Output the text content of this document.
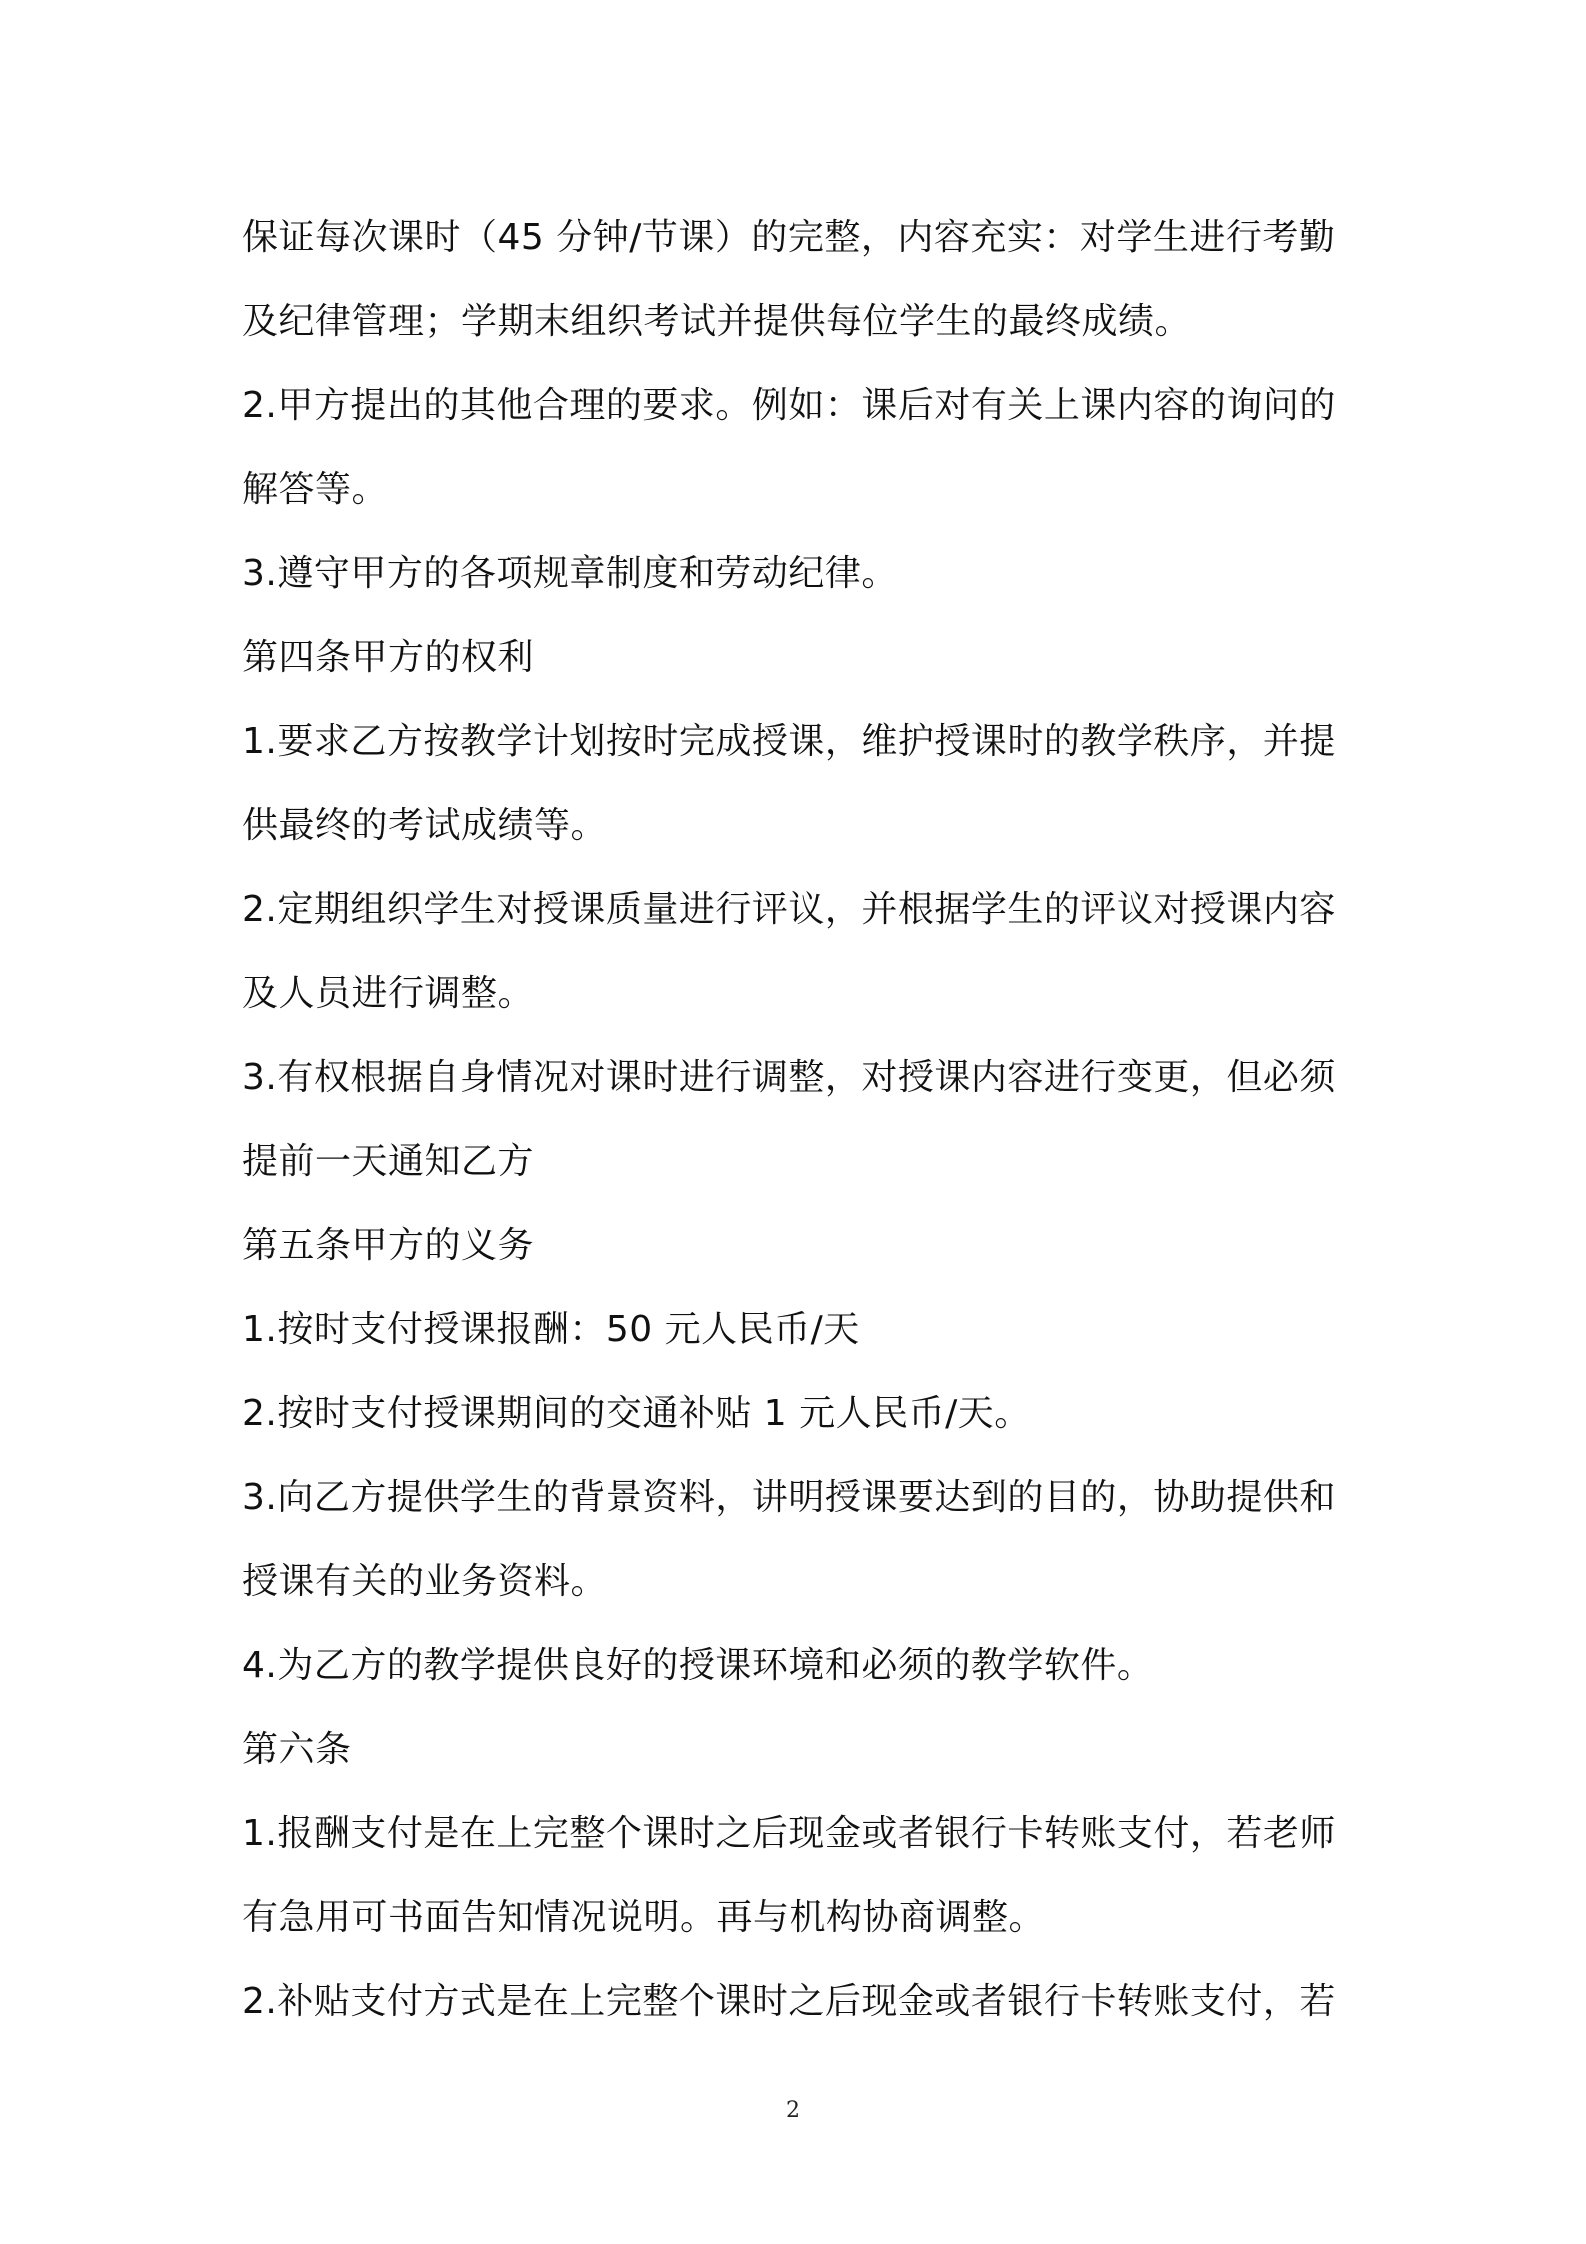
保证每次课时（45 分钟/节课）的完整，内容充实：对学生进行考勤
及纪律管理；学期末组织考试并提供每位学生的最终成绩。
2.甲方提出的其他合理的要求。例如：课后对有关上课内容的询问的
解答等。
3.遵守甲方的各项规章制度和劳动纪律。
第四条甲方的权利
1.要求乙方按教学计划按时完成授课，维护授课时的教学秩序，并提
供最终的考试成绩等。
2.定期组织学生对授课质量进行评议，并根据学生的评议对授课内容
及人员进行调整。
3.有权根据自身情况对课时进行调整，对授课内容进行变更，但必须
提前一天通知乙方
第五条甲方的义务
1.按时支付授课报酬：50 元人民币/天
2.按时支付授课期间的交通补贴 1 元人民币/天。
3.向乙方提供学生的背景资料，讲明授课要达到的目的，协助提供和
授课有关的业务资料。
4.为乙方的教学提供良好的授课环境和必须的教学软件。
第六条
1.报酬支付是在上完整个课时之后现金或者银行卡转账支付，若老师
有急用可书面告知情况说明。再与机构协商调整。
2.补贴支付方式是在上完整个课时之后现金或者银行卡转账支付，若
2
